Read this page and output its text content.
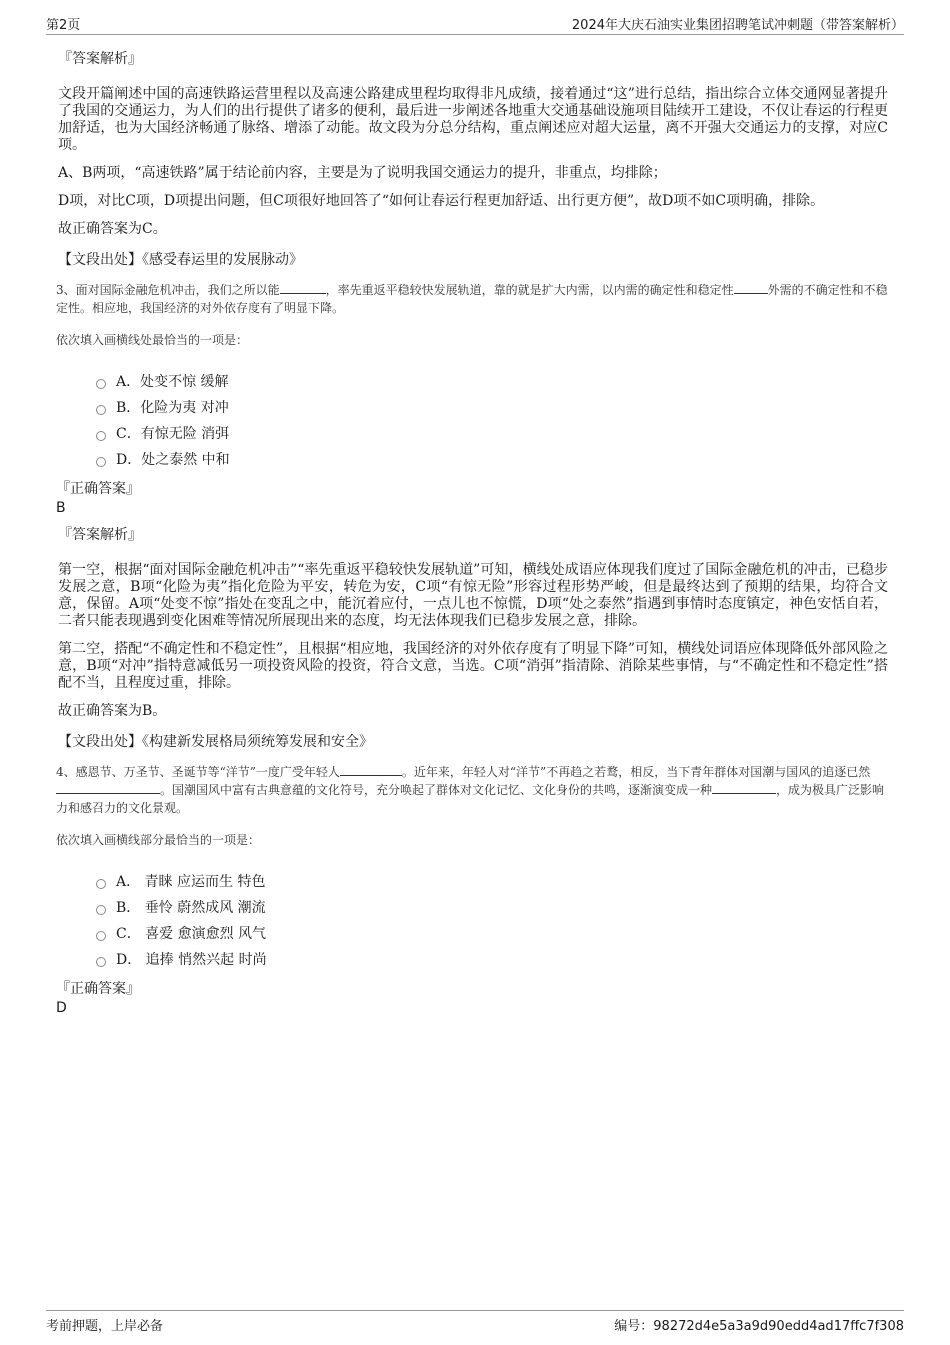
第2页	2024年大庆石油实业集团招聘笔试冲刺题（带答案解析）
『答案解析』

文段开篇阐述中国的高速铁路运营里程以及高速公路建成里程均取得非凡成绩，接着通过“这”进行总结，指出综合立体交通网显著提升了我国的交通运力，为人们的出行提供了诸多的便利，最后进一步阐述各地重大交通基础设施项目陆续开工建设，不仅让春运的行程更加舒适，也为大国经济畅通了脉络、增添了动能。故文段为分总分结构，重点阐述应对超大运量，离不开强大交通运力的支撑，对应C项。

A、B两项，“高速铁路”属于结论前内容，主要是为了说明我国交通运力的提升，非重点，均排除；

D项，对比C项，D项提出问题，但C项很好地回答了“如何让春运行程更加舒适、出行更方便”，故D项不如C项明确，排除。

故正确答案为C。

【文段出处】《感受春运里的发展脉动》
3、面对国际金融危机冲击，我们之所以能	，率先重返平稳较快发展轨道，靠的就是扩大内需，以内需的确定性和稳定性	外需的不确定性和不稳定性。相应地，我国经济的对外依存度有了明显下降。
依次填入画横线处最恰当的一项是：
A．处变不惊 缓解
B．化险为夷 对冲
C．有惊无险 消弭
D．处之泰然 中和
『正确答案』
B
『答案解析』

第一空，根据“面对国际金融危机冲击”“率先重返平稳较快发展轨道”可知，横线处成语应体现我们度过了国际金融危机的冲击，已稳步发展之意，B项“化险为夷”指化危险为平安，转危为安，C项“有惊无险”形容过程形势严峻，但是最终达到了预期的结果，均符合文意，保留。A项“处变不惊”指处在变乱之中，能沉着应付，一点儿也不惊慌，D项“处之泰然”指遇到事情时态度镇定，神色安恬自若，二者只能表现遇到变化困难等情况所展现出来的态度，均无法体现我们已稳步发展之意，排除。

第二空，搭配“不确定性和不稳定性”，且根据“相应地，我国经济的对外依存度有了明显下降”可知，横线处词语应体现降低外部风险之意，B项“对冲”指特意减低另一项投资风险的投资，符合文意，当选。C项“消弭”指清除、消除某些事情，与“不确定性和不稳定性”搭配不当，且程度过重，排除。

故正确答案为B。

【文段出处】《构建新发展格局须统筹发展和安全》
4、感恩节、万圣节、圣诞节等“洋节”一度广受年轻人	。近年来，年轻人对“洋节”不再趋之若鹜，相反，当下青年群体对国潮与国风的追逐已然。国潮国风中富有古典意蕴的文化符号，充分唤起了群体对文化记忆、文化身份的共鸣，逐渐演变成一种	，成为极具广泛影响力和感召力的文化景观。
依次填入画横线部分最恰当的一项是：
A． 青睐 应运而生 特色
B． 垂怜 蔚然成风 潮流
C． 喜爱 愈演愈烈 风气
D． 追捧 悄然兴起 时尚
『正确答案』
D
考前押题，上岸必备	编号：98272d4e5a3a9d90edd4ad17ffc7f308
